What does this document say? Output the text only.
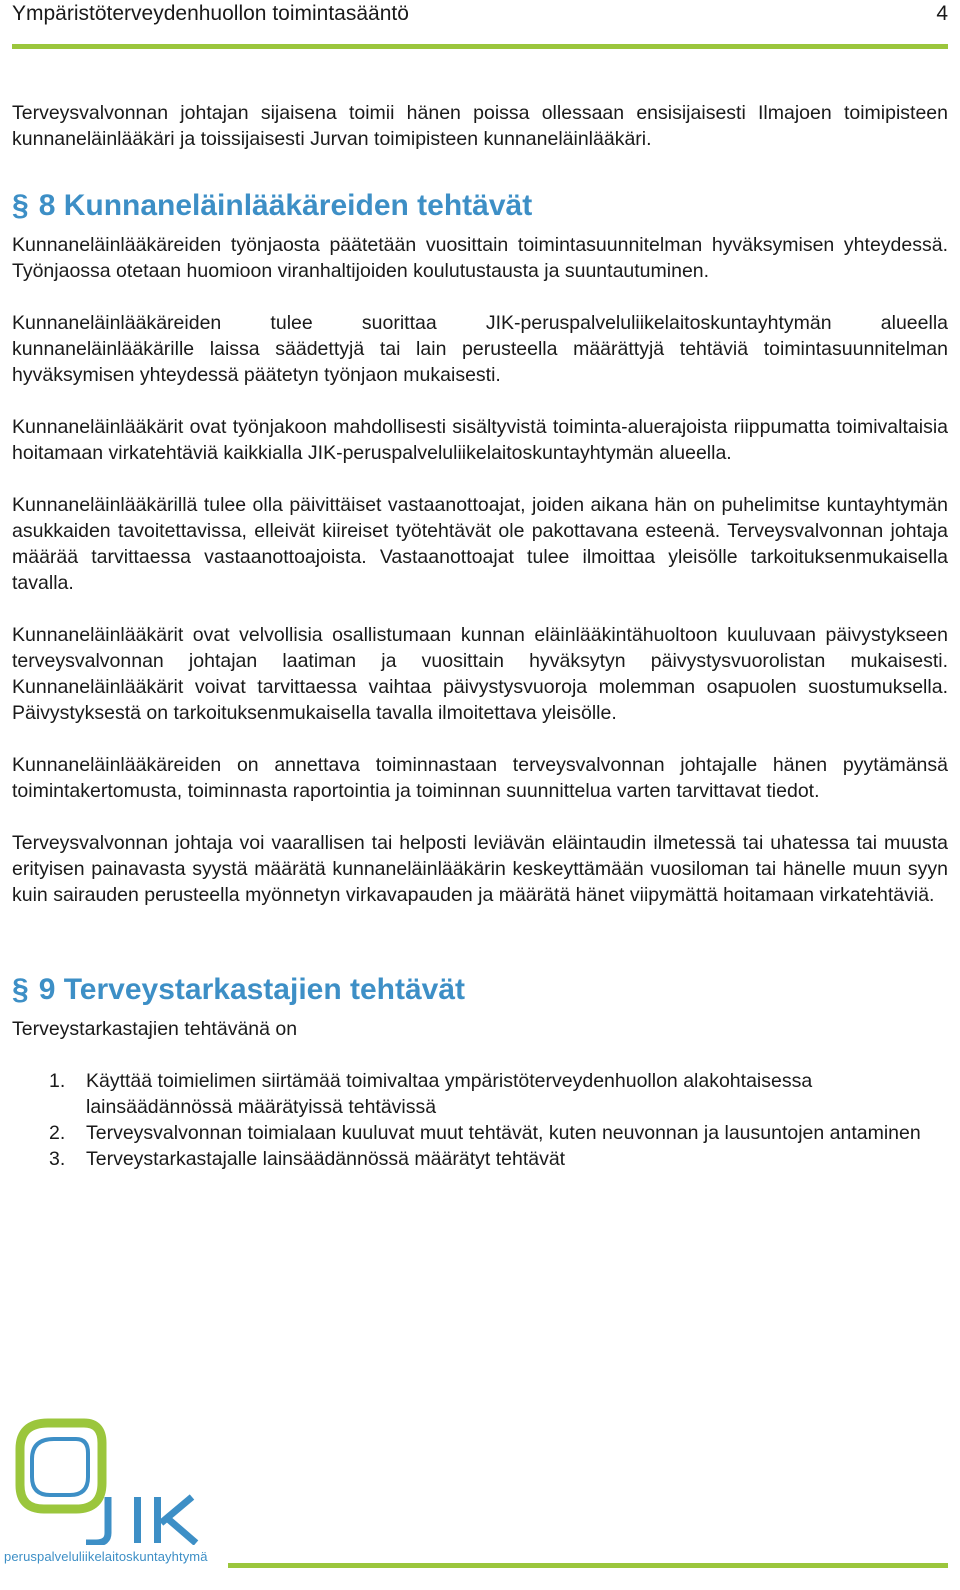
Ympäristöterveydenhuollon toimintasääntö	4

Terveysvalvonnan johtajan sijaisena toimii hänen poissa ollessaan ensisijaisesti Ilmajoen toimipisteen kunnaneläinlääkäri ja toissijaisesti Jurvan toimipisteen kunnaneläinlääkäri.

§ 8 Kunnaneläinlääkäreiden tehtävät

Kunnaneläinlääkäreiden työnjaosta päätetään vuosittain toimintasuunnitelman hyväksymisen yhteydessä. Työnjaossa otetaan huomioon viranhaltijoiden koulutustausta ja suuntautuminen.

Kunnaneläinlääkäreiden tulee suorittaa JIK-peruspalveluliikelaitoskuntayhtymän alueella kunnaneläinlääkärille laissa säädettyjä tai lain perusteella määrättyjä tehtäviä toimintasuunnitelman hyväksymisen yhteydessä päätetyn työnjaon mukaisesti.

Kunnaneläinlääkärit ovat työnjakoon mahdollisesti sisältyvistä toiminta-aluerajoista riippumatta toimivaltaisia hoitamaan virkatehtäviä kaikkialla JIK-peruspalveluliikelaitoskuntayhtymän alueella.

Kunnaneläinlääkärillä tulee olla päivittäiset vastaanottoajat, joiden aikana hän on puhelimitse kuntayhtymän asukkaiden tavoitettavissa, elleivät kiireiset työtehtävät ole pakottavana esteenä. Terveysvalvonnan johtaja määrää tarvittaessa vastaanottoajoista. Vastaanottoajat tulee ilmoittaa yleisölle tarkoituksenmukaisella tavalla.

Kunnaneläinlääkärit ovat velvollisia osallistumaan kunnan eläinlääkintähuoltoon kuuluvaan päivystykseen terveysvalvonnan johtajan laatiman ja vuosittain hyväksytyn päivystysvuorolistan mukaisesti. Kunnaneläinlääkärit voivat tarvittaessa vaihtaa päivystysvuoroja molemman osapuolen suostumuksella. Päivystyksestä on tarkoituksenmukaisella tavalla ilmoitettava yleisölle.

Kunnaneläinlääkäreiden on annettava toiminnastaan terveysvalvonnan johtajalle hänen pyytämänsä toimintakertomusta, toiminnasta raportointia ja toiminnan suunnittelua varten tarvittavat tiedot.

Terveysvalvonnan johtaja voi vaarallisen tai helposti leviävän eläintaudin ilmetessä tai uhatessa tai muusta erityisen painavasta syystä määrätä kunnaneläinlääkärin keskeyttämään vuosiloman tai hänelle muun syyn kuin sairauden perusteella myönnetyn virkavapauden ja määrätä hänet viipymättä hoitamaan virkatehtäviä.

§ 9 Terveystarkastajien tehtävät

Terveystarkastajien tehtävänä on

1. Käyttää toimielimen siirtämää toimivaltaa ympäristöterveydenhuollon alakohtaisessa lainsäädännössä määrätyissä tehtävissä
2. Terveysvalvonnan toimialaan kuuluvat muut tehtävät, kuten neuvonnan ja lausuntojen antaminen
3. Terveystarkastajalle lainsäädännössä määrätyt tehtävät
peruspalveluliikelaitoskuntayhtymä
